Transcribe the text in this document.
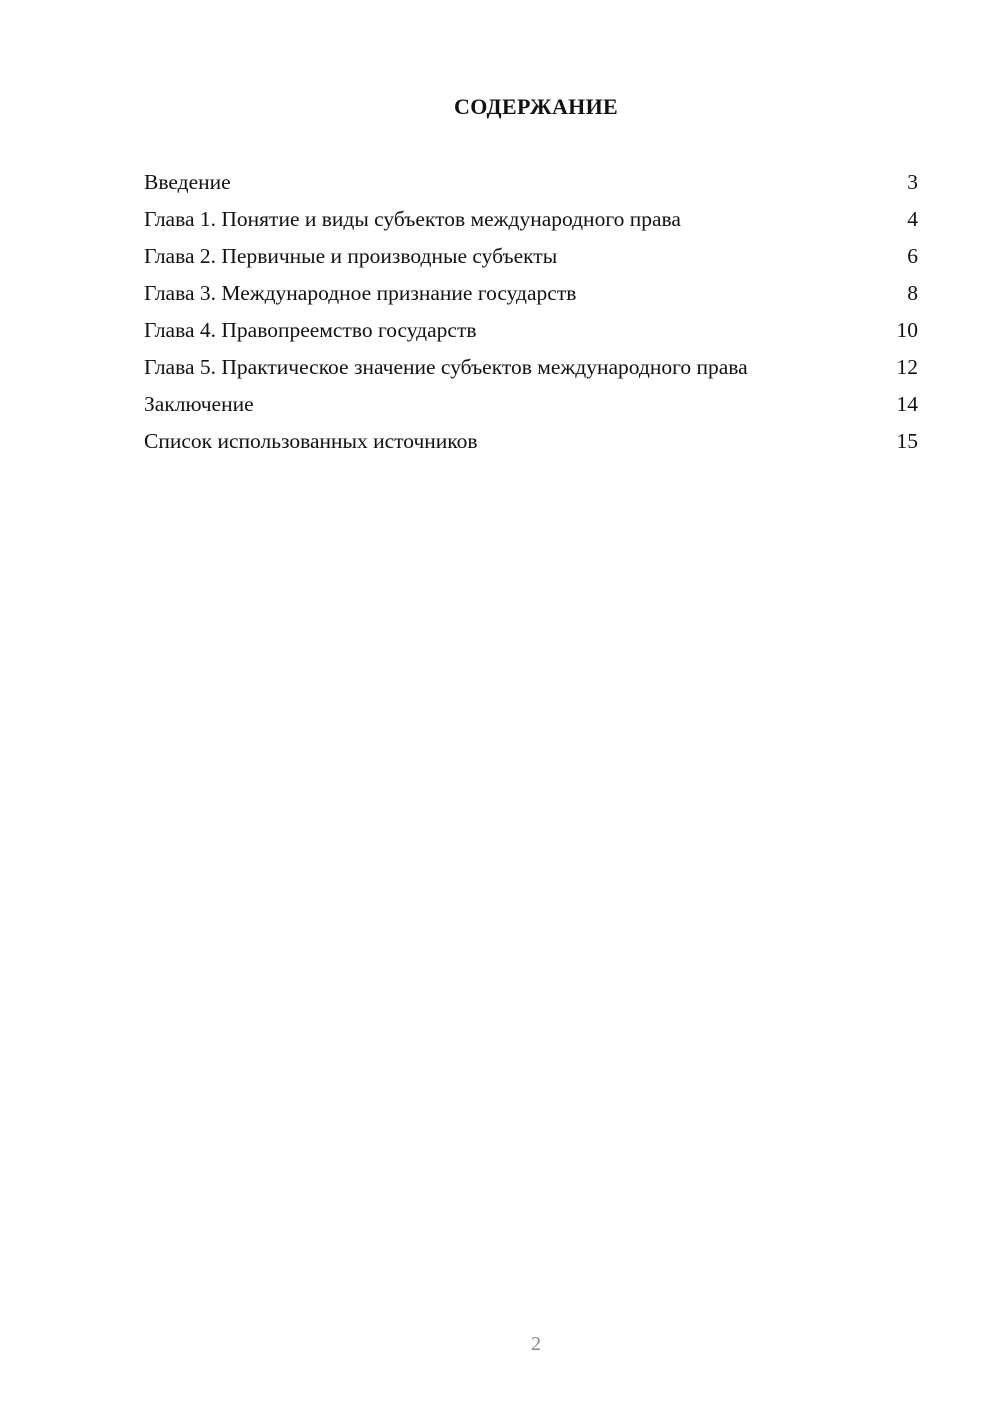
СОДЕРЖАНИЕ
Введение	3
Глава 1. Понятие и виды субъектов международного права	4
Глава 2. Первичные и производные субъекты	6
Глава 3. Международное признание государств	8
Глава 4. Правопреемство государств	10
Глава 5. Практическое значение субъектов международного права	12
Заключение	14
Список использованных источников	15
2
